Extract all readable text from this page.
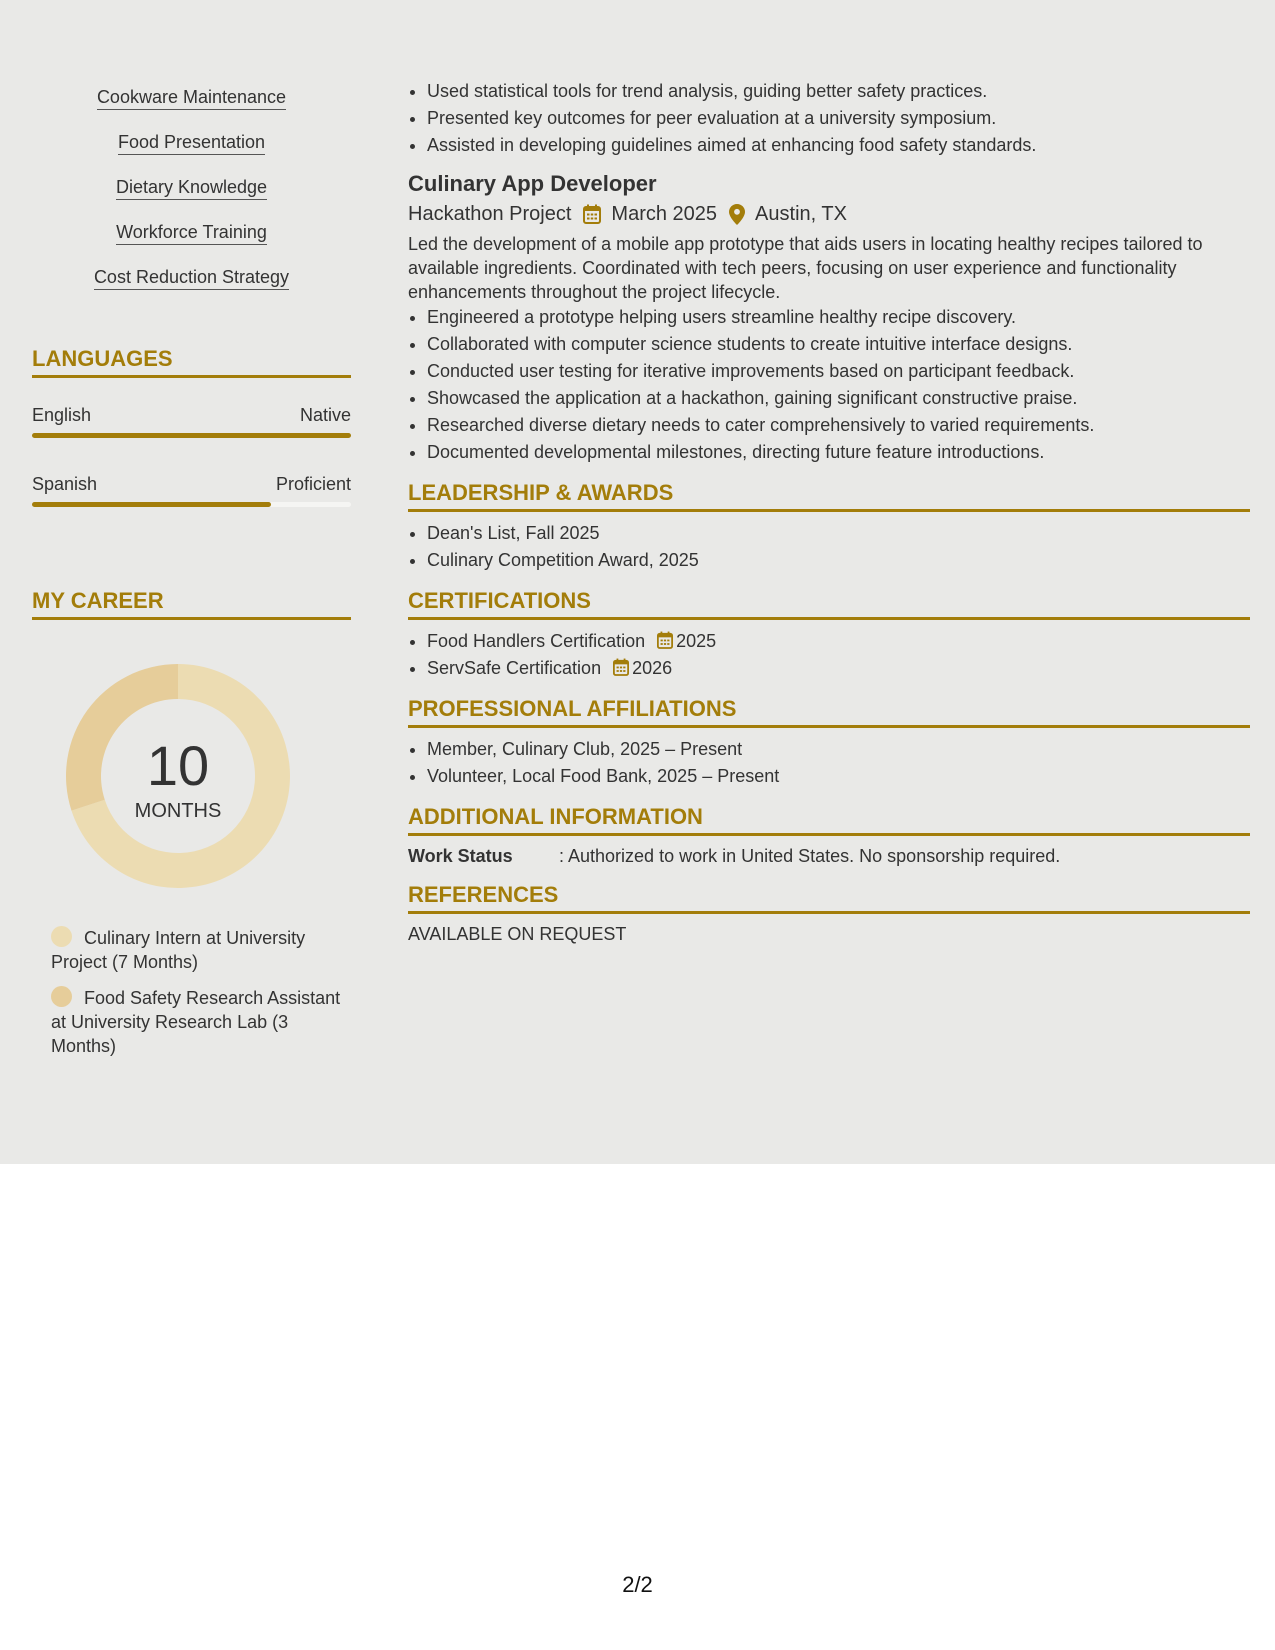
Cookware Maintenance
Food Presentation
Dietary Knowledge
Workforce Training
Cost Reduction Strategy
LANGUAGES
English	Native
Spanish	Proficient
MY CAREER
10
MONTHS
Culinary Intern at University Project (7 Months)
Food Safety Research Assistant at University Research Lab (3 Months)
• Used statistical tools for trend analysis, guiding better safety practices.
• Presented key outcomes for peer evaluation at a university symposium.
• Assisted in developing guidelines aimed at enhancing food safety standards.
Culinary App Developer
Hackathon Project March 2025 Austin, TX
Led the development of a mobile app prototype that aids users in locating healthy recipes tailored to available ingredients. Coordinated with tech peers, focusing on user experience and functionality enhancements throughout the project lifecycle.
• Engineered a prototype helping users streamline healthy recipe discovery.
• Collaborated with computer science students to create intuitive interface designs.
• Conducted user testing for iterative improvements based on participant feedback.
• Showcased the application at a hackathon, gaining significant constructive praise.
• Researched diverse dietary needs to cater comprehensively to varied requirements.
• Documented developmental milestones, directing future feature introductions.
LEADERSHIP & AWARDS
• Dean's List, Fall 2025
• Culinary Competition Award, 2025
CERTIFICATIONS
• Food Handlers Certification 2025
• ServSafe Certification 2026
PROFESSIONAL AFFILIATIONS
• Member, Culinary Club, 2025 – Present
• Volunteer, Local Food Bank, 2025 – Present
ADDITIONAL INFORMATION
Work Status	: Authorized to work in United States. No sponsorship required.
REFERENCES
AVAILABLE ON REQUEST
2/2
